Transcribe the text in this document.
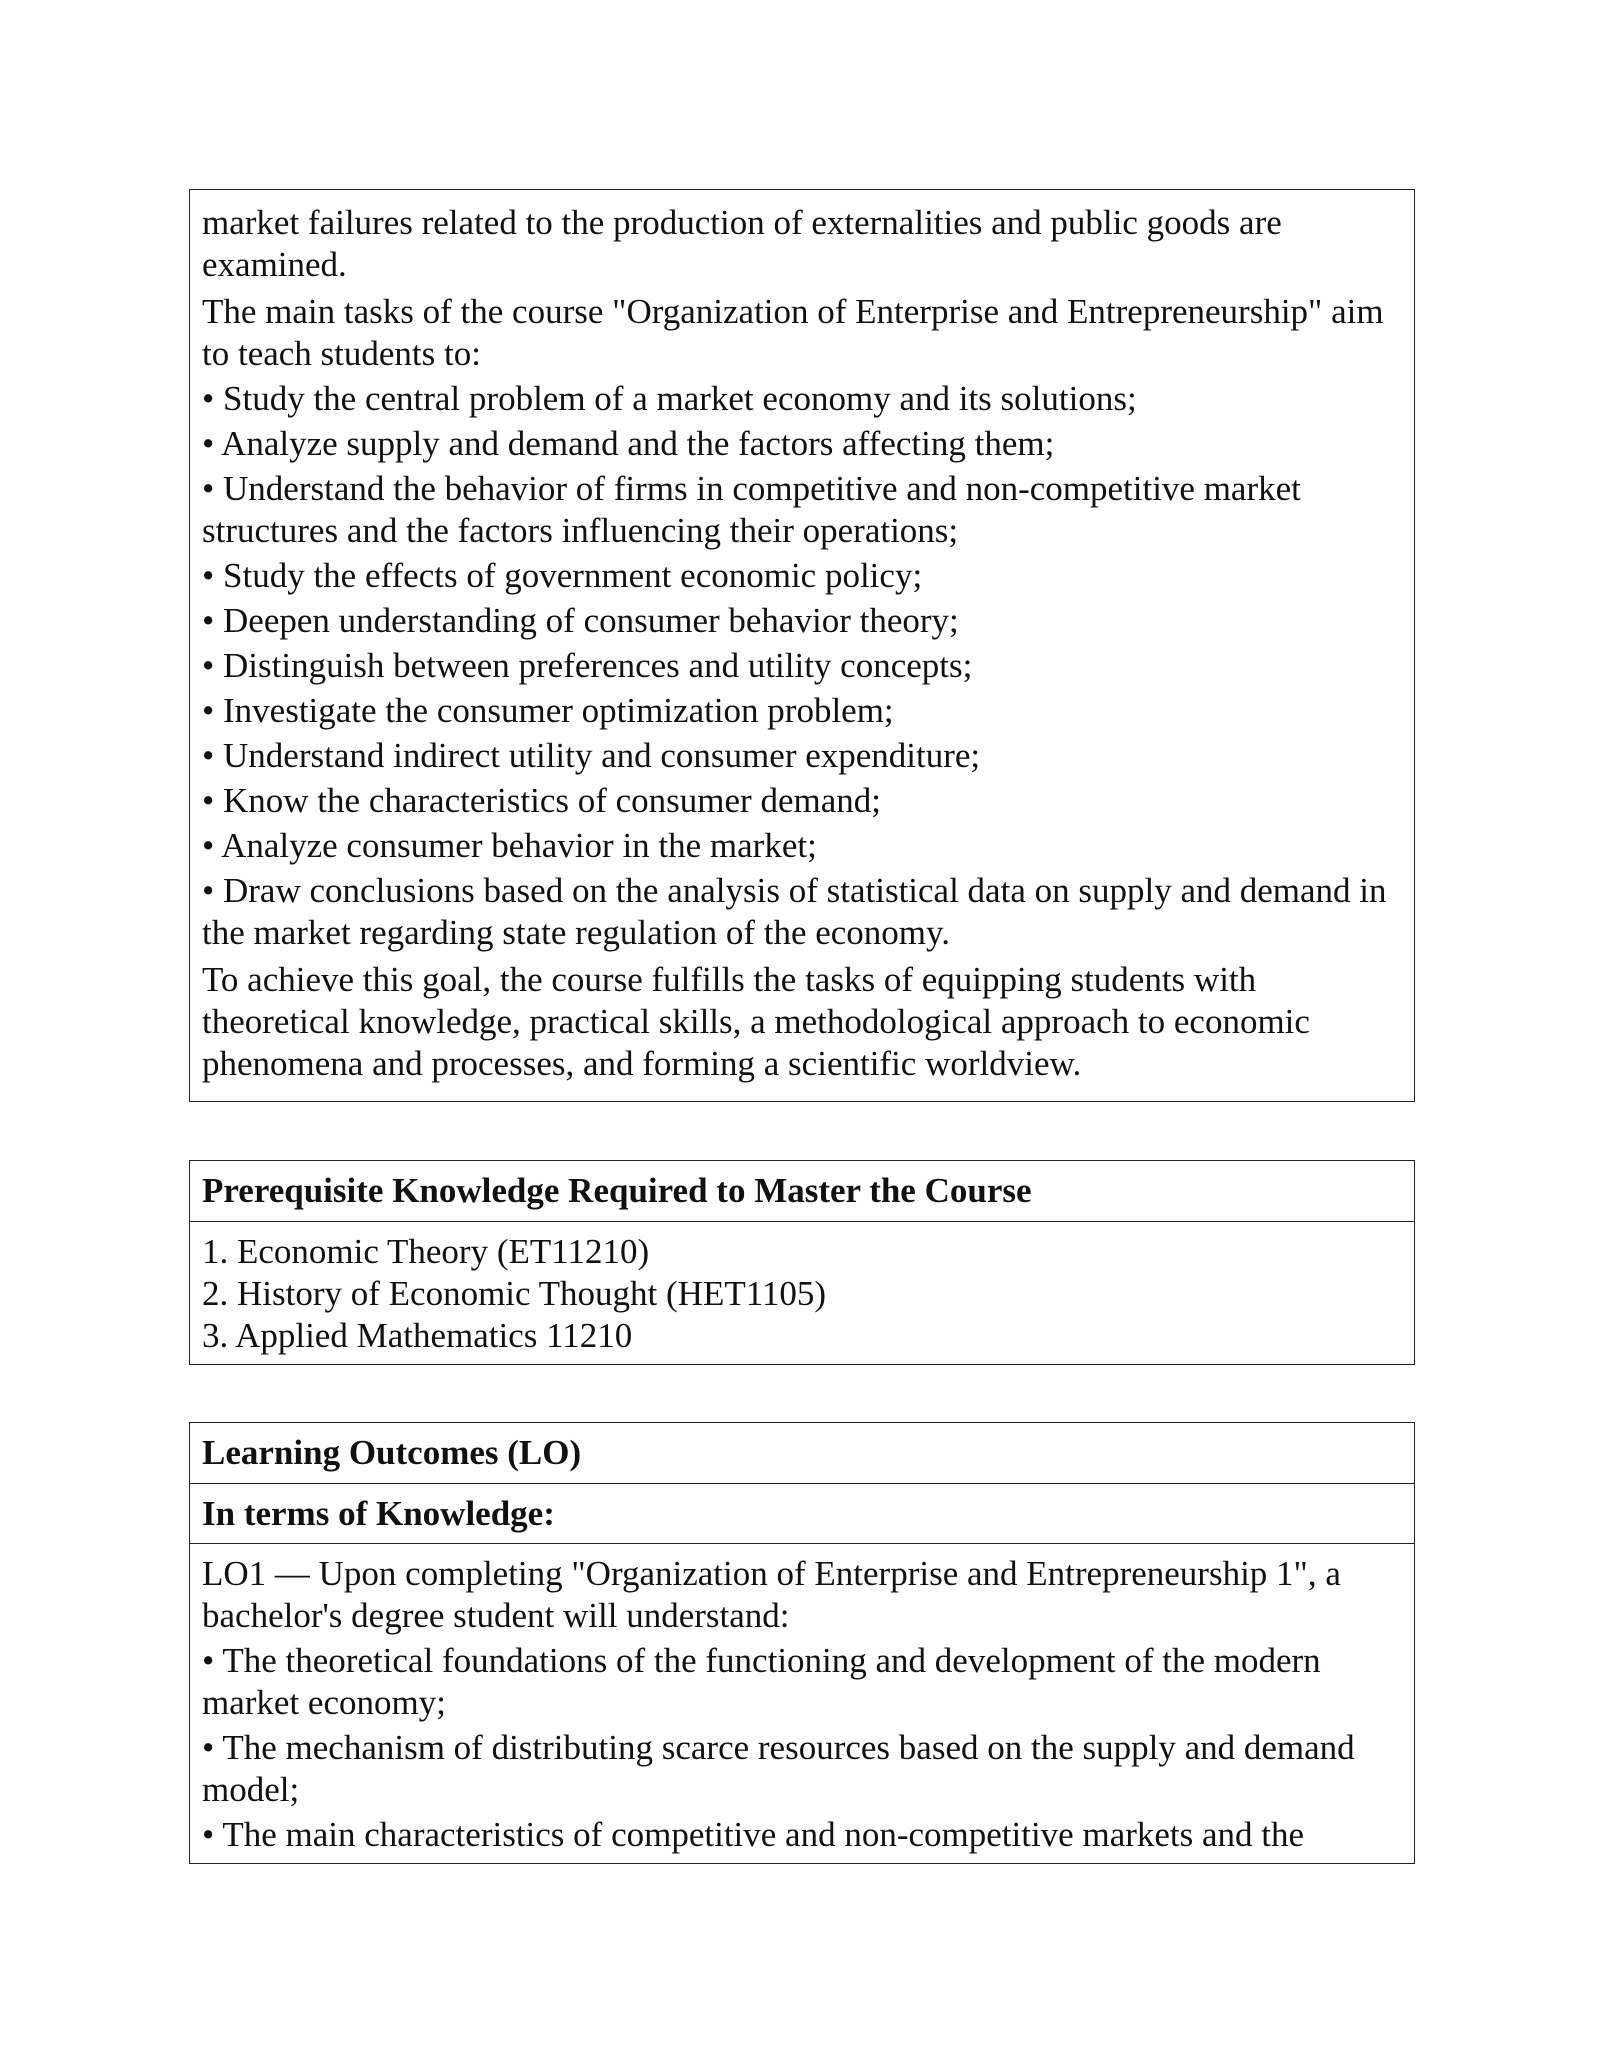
market failures related to the production of externalities and public goods are examined.

The main tasks of the course "Organization of Enterprise and Entrepreneurship" aim to teach students to:

• Study the central problem of a market economy and its solutions;

• Analyze supply and demand and the factors affecting them;

• Understand the behavior of firms in competitive and non-competitive market structures and the factors influencing their operations;

• Study the effects of government economic policy;

• Deepen understanding of consumer behavior theory;

• Distinguish between preferences and utility concepts;

• Investigate the consumer optimization problem;

• Understand indirect utility and consumer expenditure;

• Know the characteristics of consumer demand;

• Analyze consumer behavior in the market;

• Draw conclusions based on the analysis of statistical data on supply and demand in the market regarding state regulation of the economy.

To achieve this goal, the course fulfills the tasks of equipping students with theoretical knowledge, practical skills, a methodological approach to economic phenomena and processes, and forming a scientific worldview.

Prerequisite Knowledge Required to Master the Course

1. Economic Theory (ET11210)

2. History of Economic Thought (HET1105)

3. Applied Mathematics 11210

Learning Outcomes (LO)

In terms of Knowledge:

LO1 — Upon completing "Organization of Enterprise and Entrepreneurship 1", a bachelor's degree student will understand:

• The theoretical foundations of the functioning and development of the modern market economy;

• The mechanism of distributing scarce resources based on the supply and demand model;

• The main characteristics of competitive and non-competitive markets and the
